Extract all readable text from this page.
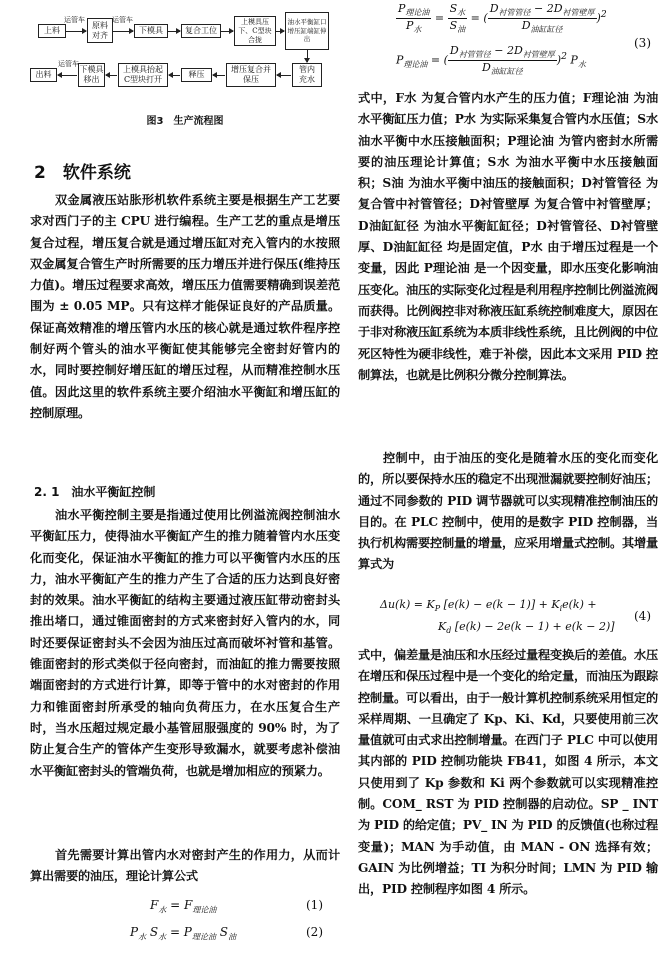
上料
运管车
原料
对齐
运管车
下模具	复合工位
上模具压下、C型块合拢
油水平衡缸口增压缸端缸伸出
管内
充水
增压复合并
保压
释压
上模具抬起
C型块打开
下模具
移出
运管车
出料
图3　生产流程图
2　软件系统
双金属液压站胀形机软件系统主要是根据生产工艺要求对西门子的主 CPU 进行编程。生产工艺的重点是增压复合过程，增压复合就是通过增压缸对充入管内的水按照双金属复合管生产时所需要的压力增压并进行保压(维持压力值)。增压过程要求高效，增压压力值需要精确到误差范围为 ± 0.05 MP。只有这样才能保证良好的产品质量。保证高效精准的增压管内水压的核心就是通过软件程序控制好两个管头的油水平衡缸使其能够完全密封好管内的水，同时要控制好增压缸的增压过程，从而精准控制水压值。因此这里的软件系统主要介绍油水平衡缸和增压缸的控制原理。
2. 1　油水平衡缸控制
油水平衡控制主要是指通过使用比例溢流阀控制油水平衡缸压力，使得油水平衡缸产生的推力随着管内水压变化而变化，保证油水平衡缸的推力可以平衡管内水压的压力，油水平衡缸产生的推力产生了合适的压力达到良好密封的效果。油水平衡缸的结构主要通过液压缸带动密封头推出堵口，通过锥面密封的方式来密封好入管内的水，同时还要保证密封头不会因为油压过高而破坏衬管和基管。锥面密封的形式类似于径向密封，而油缸的推力需要按照端面密封的方式进行计算，即等于管中的水对密封的作用力和锥面密封所承受的轴向负荷压力，在水压复合生产时，当水压超过规定最小基管屈服强度的 90% 时，为了防止复合生产的管体产生变形导致漏水，就要考虑补偿油水平衡缸密封头的管端负荷，也就是增加相应的预紧力。
首先需要计算出管内水对密封产生的作用力，从而计算出需要的油压，理论计算公式
$F_水 = F_{理论油}$	(1)
$P_水$ $S_水 = P_{理论油}$ $S_油$	(2)
$\frac{P_{理论油}}{P_水} = \frac{S_水}{S_油}$ = ( $\frac{D_{衬管管径} - 2D_{衬管壁厚}}{D_{油缸缸径}} )^2$
$P_{理论油}$ = ( $\frac{D_{衬管管径} - 2D_{衬管壁厚}}{D_{油缸缸径}} )^2$ $P_水$
(3)
式中，F水 为复合管内水产生的压力值；F理论油 为油水平衡缸压力值；P水 为实际采集复合管内水压值；S水 油水平衡中水压接触面积；P理论油 为管内密封水所需要的油压理论计算值；S水 为油水平衡中水压接触面积；S油 为油水平衡中油压的接触面积；D衬管管径 为复合管中衬管管径；D衬管壁厚 为复合管中衬管壁厚；D油缸缸径 为油水平衡缸缸径；D衬管管径、D衬管壁厚、D油缸缸径 均是固定值，P水 由于增压过程是一个变量，因此 P理论油 是一个因变量，即水压变化影响油压变化。油压的实际变化过程是利用程序控制比例溢流阀而获得。比例阀控非对称液压缸系统控制难度大，原因在于非对称液压缸系统为本质非线性系统，且比例阀的中位死区特性为硬非线性，难于补偿，因此本文采用 PID 控制算法，也就是比例积分微分控制算法。
控制中，由于油压的变化是随着水压的变化而变化的，所以要保持水压的稳定不出现泄漏就要控制好油压；通过不同参数的 PID 调节器就可以实现精准控制油压的目的。在 PLC 控制中，使用的是数字 PID 控制器，当执行机构需要控制量的增量，应采用增量式控制。其增量算式为
$\Delta u(k) = K_P$ $[e(k) - e(k - 1)] + K_ie(k)$ +
$K_d$ [e(k) − 2e(k − 1) + e(k − 2)]
(4)
式中，偏差量是油压和水压经过量程变换后的差值。水压在增压和保压过程中是一个变化的给定量，而油压为跟踪控制量。可以看出，由于一般计算机控制系统采用恒定的采样周期、一旦确定了 Kp、Ki、Kd，只要使用前三次量值就可由式求出控制增量。在西门子 PLC 中可以使用其内部的 PID 控制功能块 FB41，如图 4 所示，本文只使用到了 Kp 参数和 Ki 两个参数就可以实现精准控制。COM_ RST 为 PID 控制器的启动位。SP _ INT 为 PID 的给定值；PV_ IN 为 PID 的反馈值(也称过程变量)；MAN 为手动值，由 MAN - ON 选择有效；GAIN 为比例增益；TI 为积分时间；LMN 为 PID 输出，PID 控制程序如图 4 所示。
